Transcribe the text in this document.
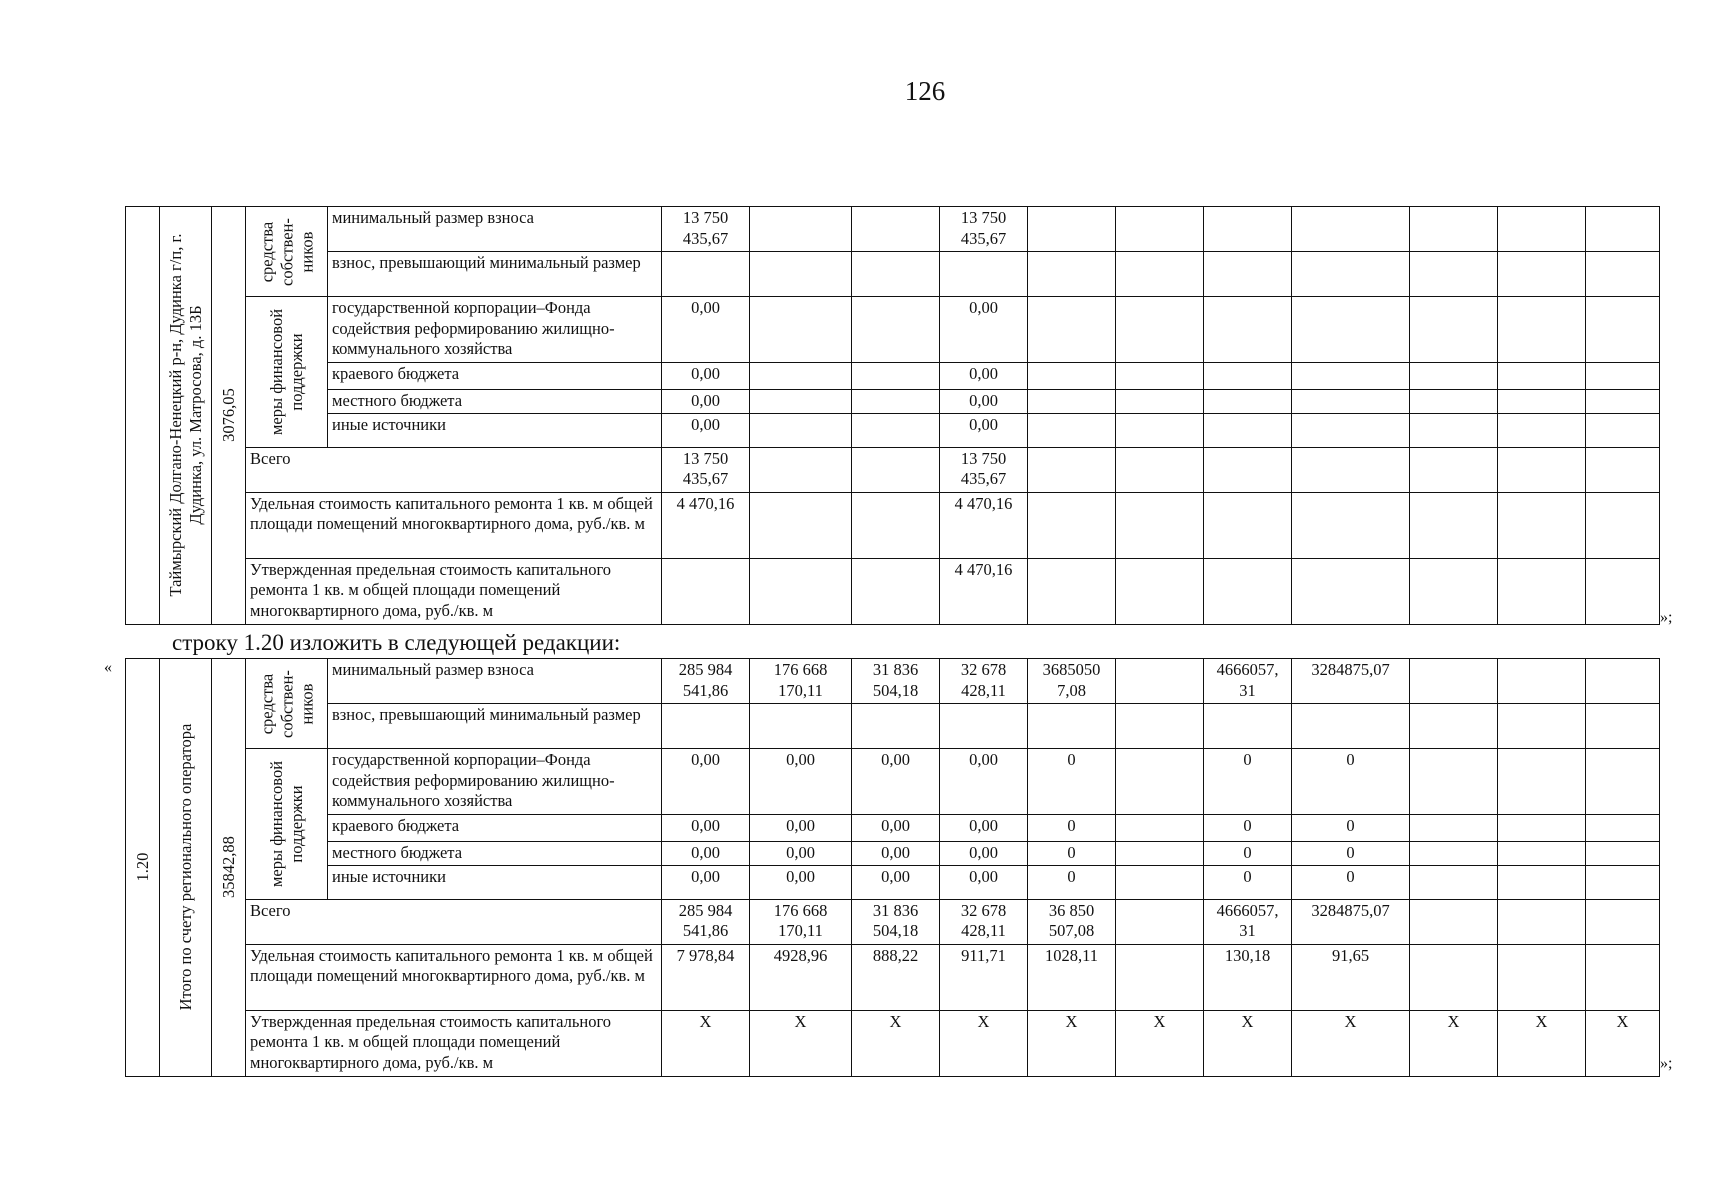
126

	Таймырский Долгано-Ненецкий р-н, Дудинка г/п, г. Дудинка, ул. Матросова, д. 13Б	3076,05	средства собствен-ников	минимальный размер взноса	13 750 435,67			13 750 435,67							
				взнос, превышающий минимальный размер											

			меры финансовой поддержки	государственной корпорации–Фонда содействия реформированию жилищно-коммунального хозяйства	0,00			0,00							
				краевого бюджета	0,00			0,00							
				местного бюджета	0,00			0,00							
				иные источники	0,00			0,00							
			Всего		13 750 435,67			13 750 435,67							
			Удельная стоимость капитального ремонта 1 кв. м общей площади помещений многоквартирного дома, руб./кв. м		4 470,16			4 470,16							
			Утвержденная предельная стоимость капитального ремонта 1 кв. м общей площади помещений многоквартирного дома, руб./кв. м					4 470,16							
»;
строку 1.20 изложить в следующей редакции:
«
1.20	Итого по счету регионального оператора	35842,88	средства собствен-ников	минимальный размер взноса	285 984 541,86	176 668 170,11	31 836 504,18	32 678 428,11	3685050 7,08		4666057, 31	3284875,07			
				взнос, превышающий минимальный размер											

			меры финансовой поддержки	государственной корпорации–Фонда содействия реформированию жилищно-коммунального хозяйства	0,00	0,00	0,00	0,00	0		0	0			
				краевого бюджета	0,00	0,00	0,00	0,00	0		0	0			
				местного бюджета	0,00	0,00	0,00	0,00	0		0	0			
				иные источники	0,00	0,00	0,00	0,00	0		0	0			
			Всего		285 984 541,86	176 668 170,11	31 836 504,18	32 678 428,11	36 850 507,08		4666057, 31	3284875,07			
			Удельная стоимость капитального ремонта 1 кв. м общей площади помещений многоквартирного дома, руб./кв. м		7 978,84	4928,96	888,22	911,71	1028,11		130,18	91,65			
			Утвержденная предельная стоимость капитального ремонта 1 кв. м общей площади помещений многоквартирного дома, руб./кв. м		X	X	X	X	X	X	X	X	X	X	X
»;
